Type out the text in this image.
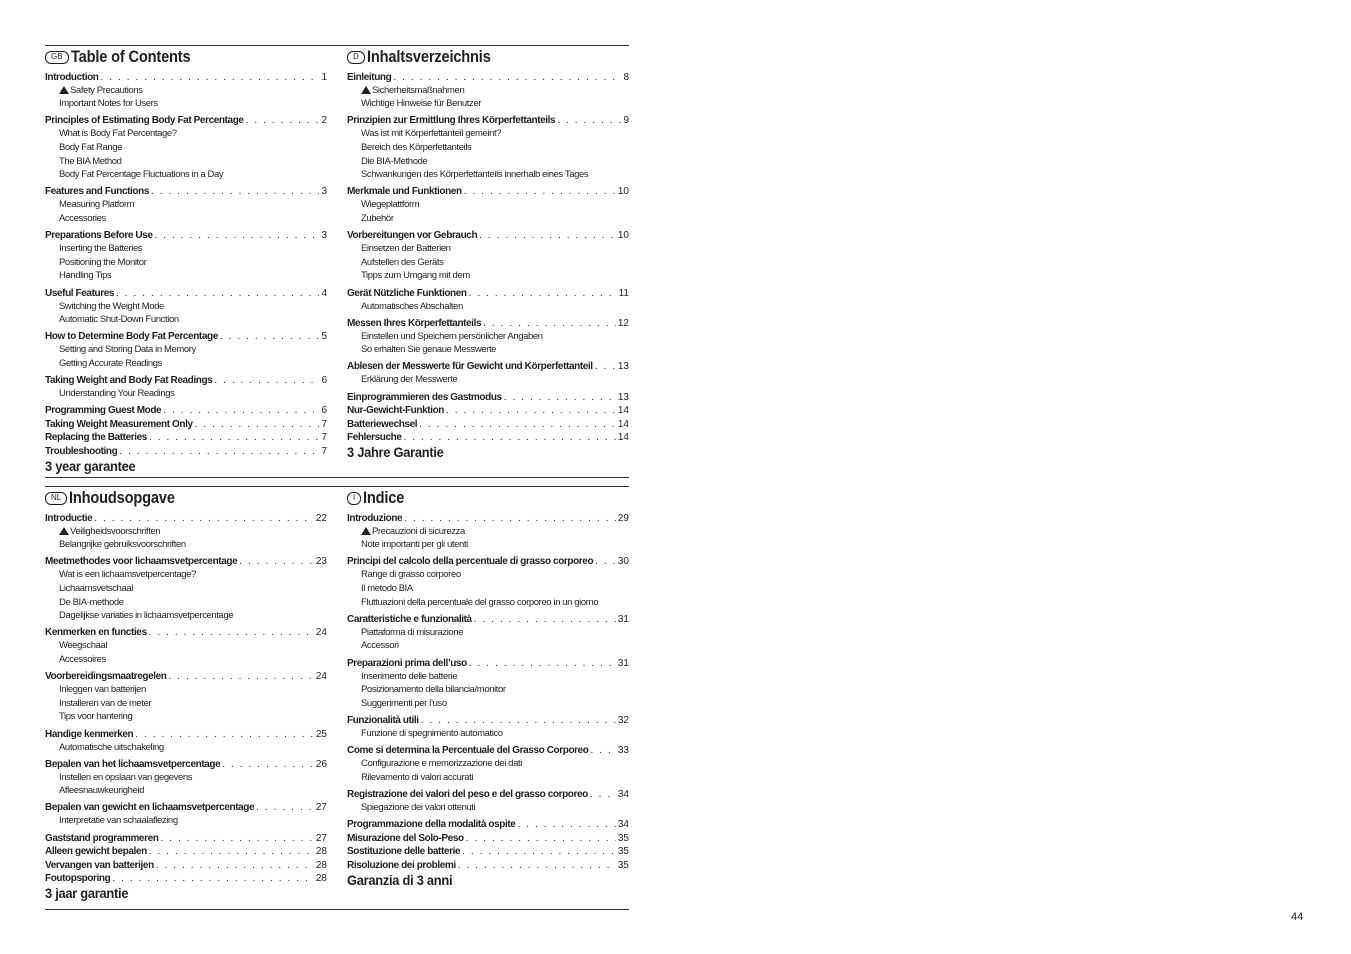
GB Table of Contents
Introduction . . .	1
Safety Precautions
Important Notes for Users
Principles of Estimating Body Fat Percentage . . .	2
What is Body Fat Percentage?
Body Fat Range
The BIA Method
Body Fat Percentage Fluctuations in a Day
Features and Functions . . .	3
Measuring Platform
Accessories
Preparations Before Use . . .	3
Inserting the Batteries
Positioning the Monitor
Handling Tips
Useful Features . . .	4
Switching the Weight Mode
Automatic Shut-Down Function
How to Determine Body Fat Percentage . . .	5
Setting and Storing Data in Memory
Getting Accurate Readings
Taking Weight and Body Fat Readings . . .	6
Understanding Your Readings
Programming Guest Mode . . .	6
Taking Weight Measurement Only . . .	7
Replacing the Batteries . . .	7
Troubleshooting . . .	7
3 year garantee
D Inhaltsverzeichnis
Einleitung . . .	8
Sicherheitsmaßnahmen
Wichtige Hinweise für Benutzer
Prinzipien zur Ermittlung Ihres Körperfettanteils . . .	9
Was ist mit Körperfettanteil gemeint?
Bereich des Körperfettanteils
Die BIA-Methode
Schwankungen des Körperfettanteils innerhalb eines Tages
Merkmale und Funktionen . . .	10
Wiegeplattform
Zubehör
Vorbereitungen vor Gebrauch . . .	10
Einsetzen der Batterien
Aufstellen des Geräts
Tipps zum Umgang mit dem
Gerät Nützliche Funktionen . . .	11
Automatisches Abschalten
Messen Ihres Körperfettanteils . . .	12
Einstellen und Speichern persönlicher Angaben
So erhalten Sie genaue Messwerte
Ablesen der Messwerte für Gewicht und Körperfettanteil . . .	13
Erklärung der Messwerte
Einprogrammieren des Gastmodus . . .	13
Nur-Gewicht-Funktion . . .	14
Batteriewechsel . . .	14
Fehlersuche . . .	14
3 Jahre Garantie
NL Inhoudsopgave
Introductie . . .	22
Veiligheidsvoorschriften
Belangrijke gebruiksvoorschriften
Meetmethodes voor lichaamsvetpercentage . . .	23
Wat is een lichaamsvetpercentage?
Lichaamsvetschaal
De BIA-methode
Dagelijkse variaties in lichaamsvetpercentage
Kenmerken en functies . . .	24
Weegschaal
Accessoires
Voorbereidingsmaatregelen . . .	24
Inleggen van batterijen
Installeren van de meter
Tips voor hantering
Handige kenmerken . . .	25
Automatische uitschakeling
Bepalen van het lichaamsvetpercentage . . .	26
Instellen en opslaan van gegevens
Afleesnauwkeurigheid
Bepalen van gewicht en lichaamsvetpercentage . . .	27
Interpretatie van schaalaflezing
Gaststand programmeren . . .	27
Alleen gewicht bepalen . . .	28
Vervangen van batterijen . . .	28
Foutopsporing . . .	28
3 jaar garantie
I Indice
Introduzione . . .	29
Precauzioni di sicurezza
Note importanti per gli utenti
Principi del calcolo della percentuale di grasso corporeo . . . 30
Range di grasso corporeo
Il metodo BIA
Fluttuazioni della percentuale del grasso corporeo in un giorno
Caratteristiche e funzionalità . . .	31
Piattaforma di misurazione
Accessori
Preparazioni prima dell’uso . . .	31
Inserimento delle batterie
Posizionamento della bilancia/monitor
Suggerimenti per l’uso
Funzionalità utili . . .	32
Funzione di spegnimento automatico
Come si determina la Percentuale del Grasso Corporeo . . .	33
Configurazione e memorizzazione dei dati
Rilevamento di valori accurati
Registrazione dei valori del peso e del grasso corporeo . . .	34
Spiegazione dei valori ottenuti
Programmazione della modalità ospite . . .	34
Misurazione del Solo-Peso . . .	35
Sostituzione delle batterie . . .	35
Risoluzione dei problemi . . .	35
Garanzia di 3 anni
44
